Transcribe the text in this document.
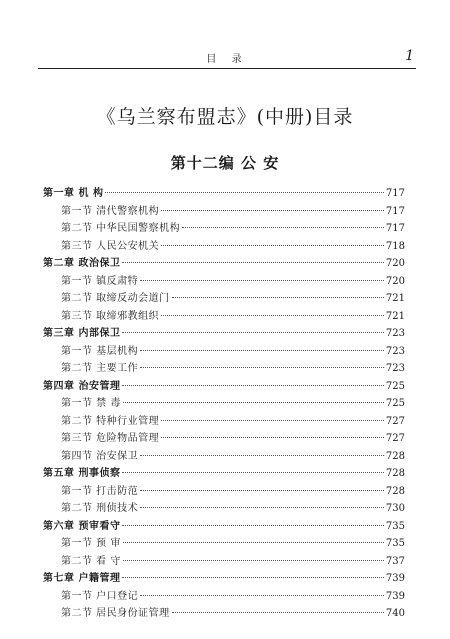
目 录	1
《乌兰察布盟志》(中册)目录
第十二编 公 安
第一章 机 构	717
第一节 清代警察机构	717
第二节 中华民国警察机构	717
第三节 人民公安机关	718
第二章 政治保卫	720
第一节 镇反肃特	720
第二节 取缔反动会道门	721
第三节 取缔邪教组织	721
第三章 内部保卫	723
第一节 基层机构	723
第二节 主要工作	723
第四章 治安管理	725
第一节 禁 毒	725
第二节 特种行业管理	727
第三节 危险物品管理	727
第四节 治安保卫	728
第五章 刑事侦察	728
第一节 打击防范	728
第二节 刑侦技术	730
第六章 预审看守	735
第一节 预 审	735
第二节 看 守	737
第七章 户籍管理	739
第一节 户口登记	739
第二节 居民身份证管理	740
